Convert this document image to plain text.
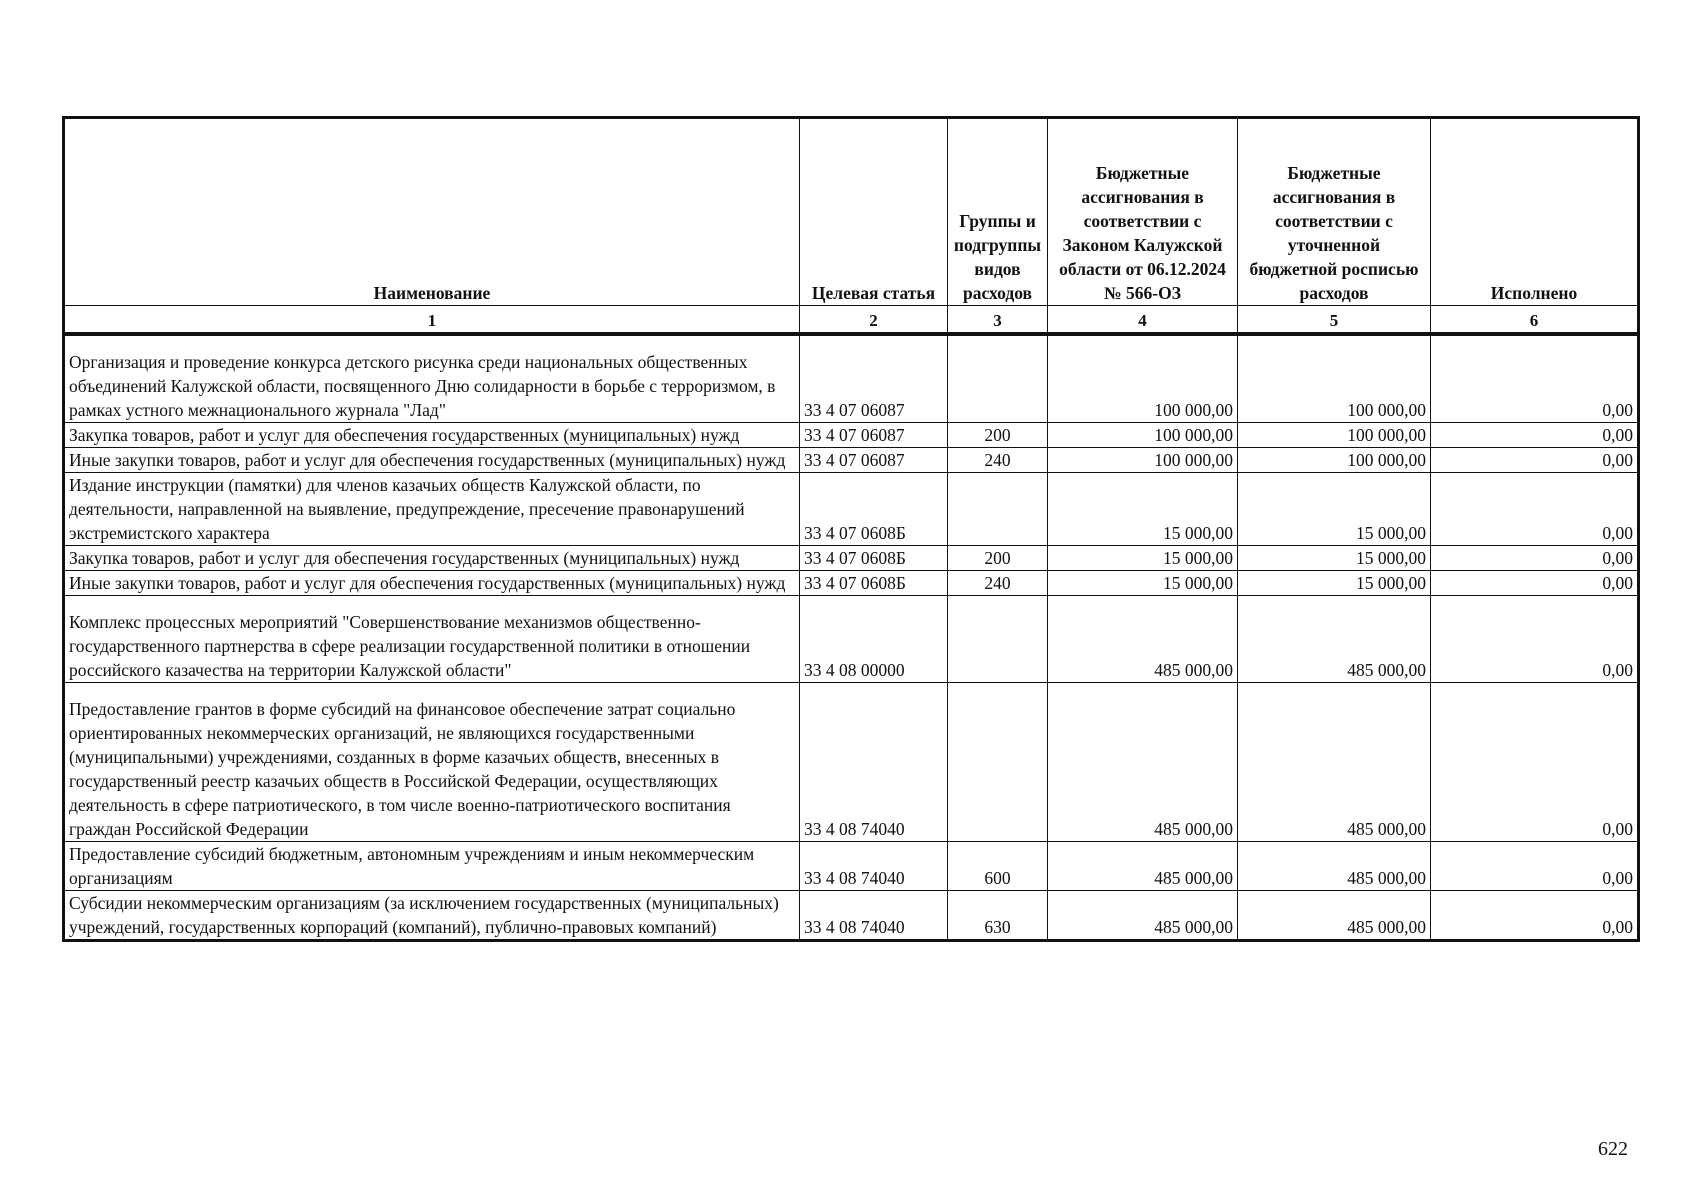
Наименование	Целевая статья	Группы и подгруппы видов расходов	Бюджетные ассигнования в соответствии с Законом Калужской области от 06.12.2024 № 566-ОЗ	Бюджетные ассигнования в соответствии с уточненной бюджетной росписью расходов	Исполнено
1	2	3	4	5	6

Организация и проведение конкурса детского рисунка среди национальных общественных объединений Калужской области, посвященного Дню солидарности в борьбе с терроризмом, в рамках устного межнационального журнала "Лад"	33 4 07 06087		100 000,00	100 000,00	0,00
Закупка товаров, работ и услуг для обеспечения государственных (муниципальных) нужд	33 4 07 06087	200	100 000,00	100 000,00	0,00
Иные закупки товаров, работ и услуг для обеспечения государственных (муниципальных) нужд	33 4 07 06087	240	100 000,00	100 000,00	0,00
Издание инструкции (памятки) для членов казачьих обществ Калужской области, по деятельности, направленной на выявление, предупреждение, пресечение правонарушений экстремистского характера	33 4 07 0608Б		15 000,00	15 000,00	0,00
Закупка товаров, работ и услуг для обеспечения государственных (муниципальных) нужд	33 4 07 0608Б	200	15 000,00	15 000,00	0,00
Иные закупки товаров, работ и услуг для обеспечения государственных (муниципальных) нужд	33 4 07 0608Б	240	15 000,00	15 000,00	0,00

Комплекс процессных мероприятий "Совершенствование механизмов общественно-государственного партнерства в сфере реализации государственной политики в отношении российского казачества на территории Калужской области"	33 4 08 00000		485 000,00	485 000,00	0,00

Предоставление грантов в форме субсидий на финансовое обеспечение затрат социально ориентированных некоммерческих организаций, не являющихся государственными (муниципальными) учреждениями, созданных в форме казачьих обществ, внесенных в государственный реестр казачьих обществ в Российской Федерации, осуществляющих деятельность в сфере патриотического, в том числе военно-патриотического воспитания граждан Российской Федерации	33 4 08 74040		485 000,00	485 000,00	0,00
Предоставление субсидий бюджетным, автономным учреждениям и иным некоммерческим организациям	33 4 08 74040	600	485 000,00	485 000,00	0,00
Субсидии некоммерческим организациям (за исключением государственных (муниципальных) учреждений, государственных корпораций (компаний), публично-правовых компаний)	33 4 08 74040	630	485 000,00	485 000,00	0,00
622
